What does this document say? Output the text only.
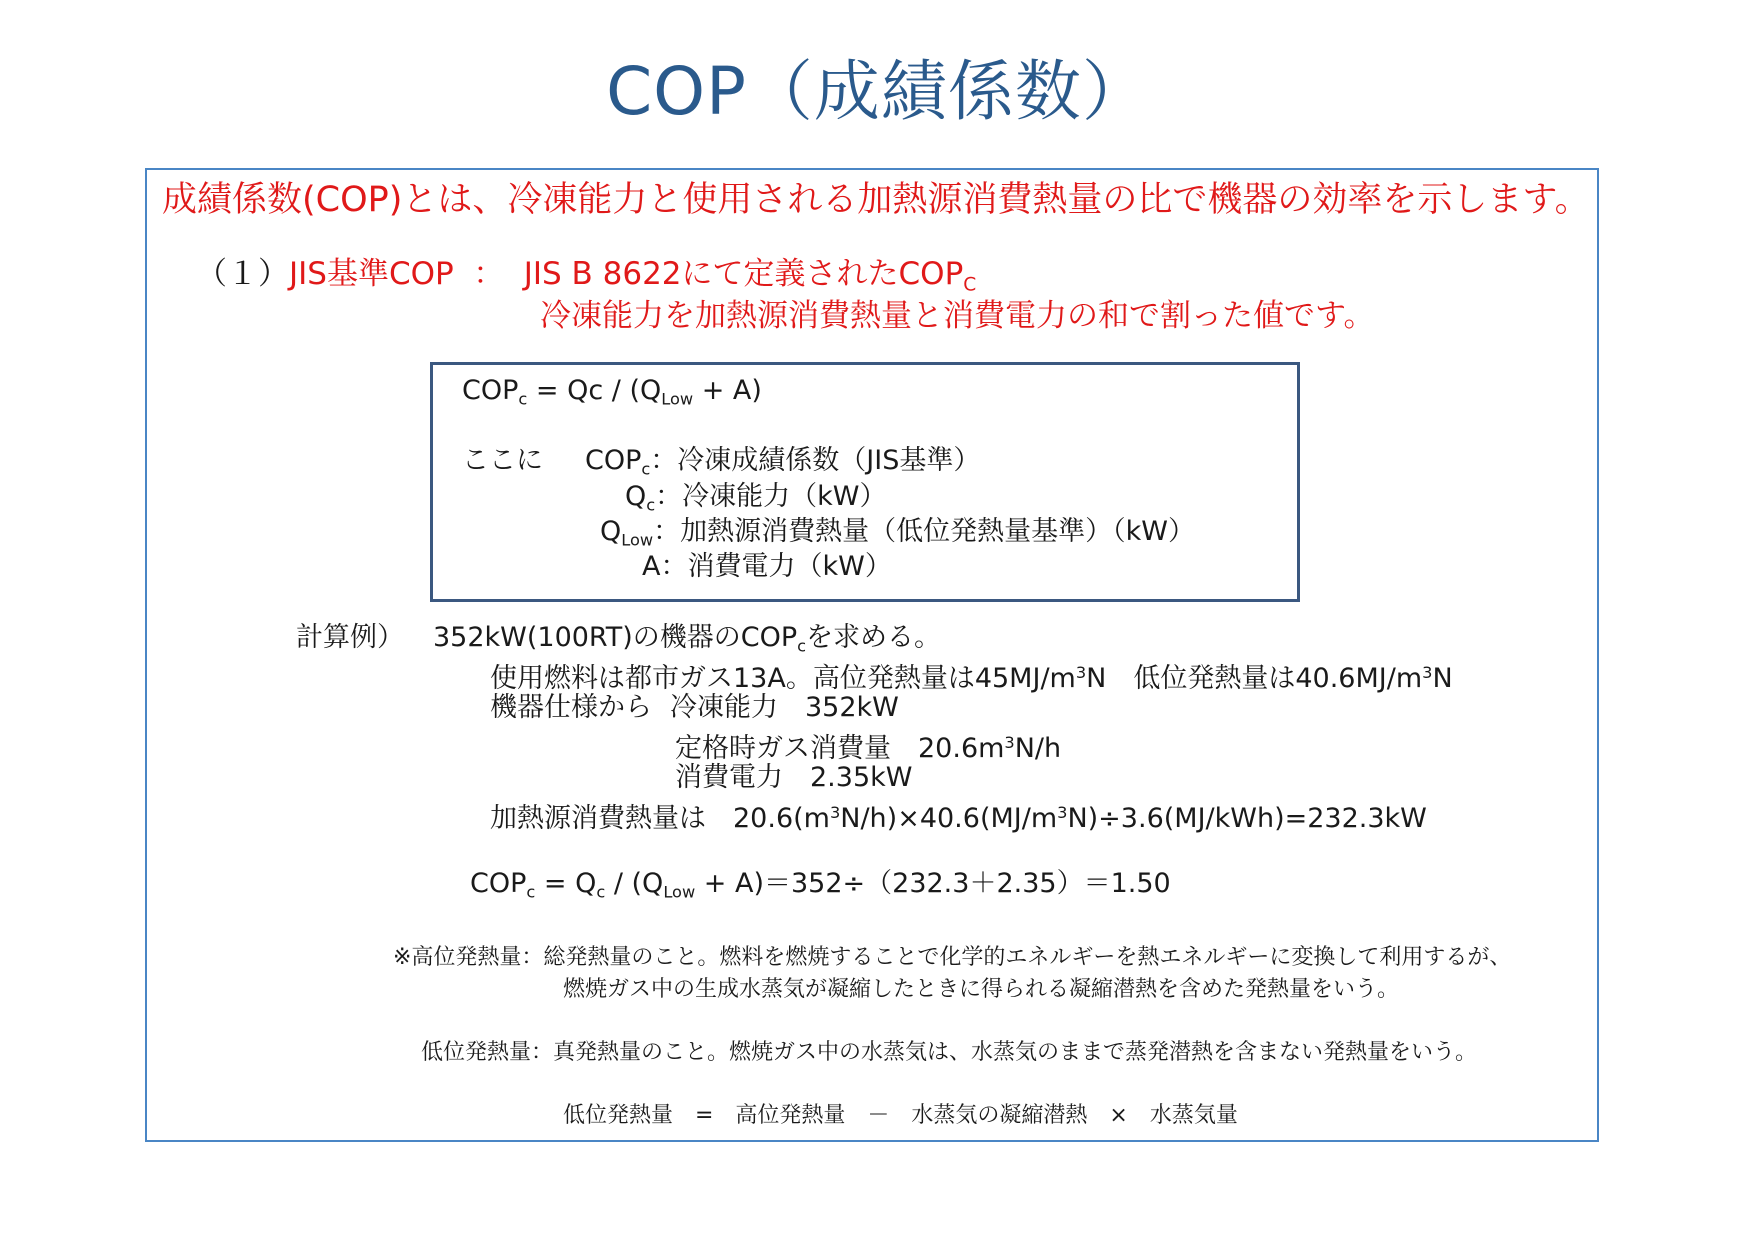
COP（成績係数）
成績係数(COP)とは、冷凍能力と使用される加熱源消費熱量の比で機器の効率を示します。
（１）JIS基準COP ： JIS B 8622にて定義された$COP_C$
冷凍能力を加熱源消費熱量と消費電力の和で割った値です。
$COP_c = Qc / (Q_{Low} + A)$
ここに $COP_c$：冷凍成績係数（JIS基準）
$Q_c$：冷凍能力（kW）
$Q_{Low}$：加熱源消費熱量（低位発熱量基準）（kW）
A：消費電力（kW）
計算例） 352kW(100RT)の機器の$COP_c$を求める。
使用燃料は都市ガス13A。高位発熱量は$45MJ/m^3N$　低位発熱量は$40.6MJ/m^3N$
機器仕様から 冷凍能力　352kW
定格時ガス消費量　$20.6m^3N/h$
消費電力　2.35kW
加熱源消費熱量は　$20.6(m^3N/h)\times 40.6(MJ/m^3N)\div 3.6(MJ/kWh)=232.3kW$
$COP_c = Q_c / (Q_{Low} + A)=352\div(232.3+2.35)=1.50$
※高位発熱量：総発熱量のこと。燃料を燃焼することで化学的エネルギーを熱エネルギーに変換して利用するが、
燃焼ガス中の生成水蒸気が凝縮したときに得られる凝縮潜熱を含めた発熱量をいう。
低位発熱量：真発熱量のこと。燃焼ガス中の水蒸気は、水蒸気のままで蒸発潜熱を含まない発熱量をいう。
低位発熱量　=　高位発熱量　－　水蒸気の凝縮潜熱　×　水蒸気量
